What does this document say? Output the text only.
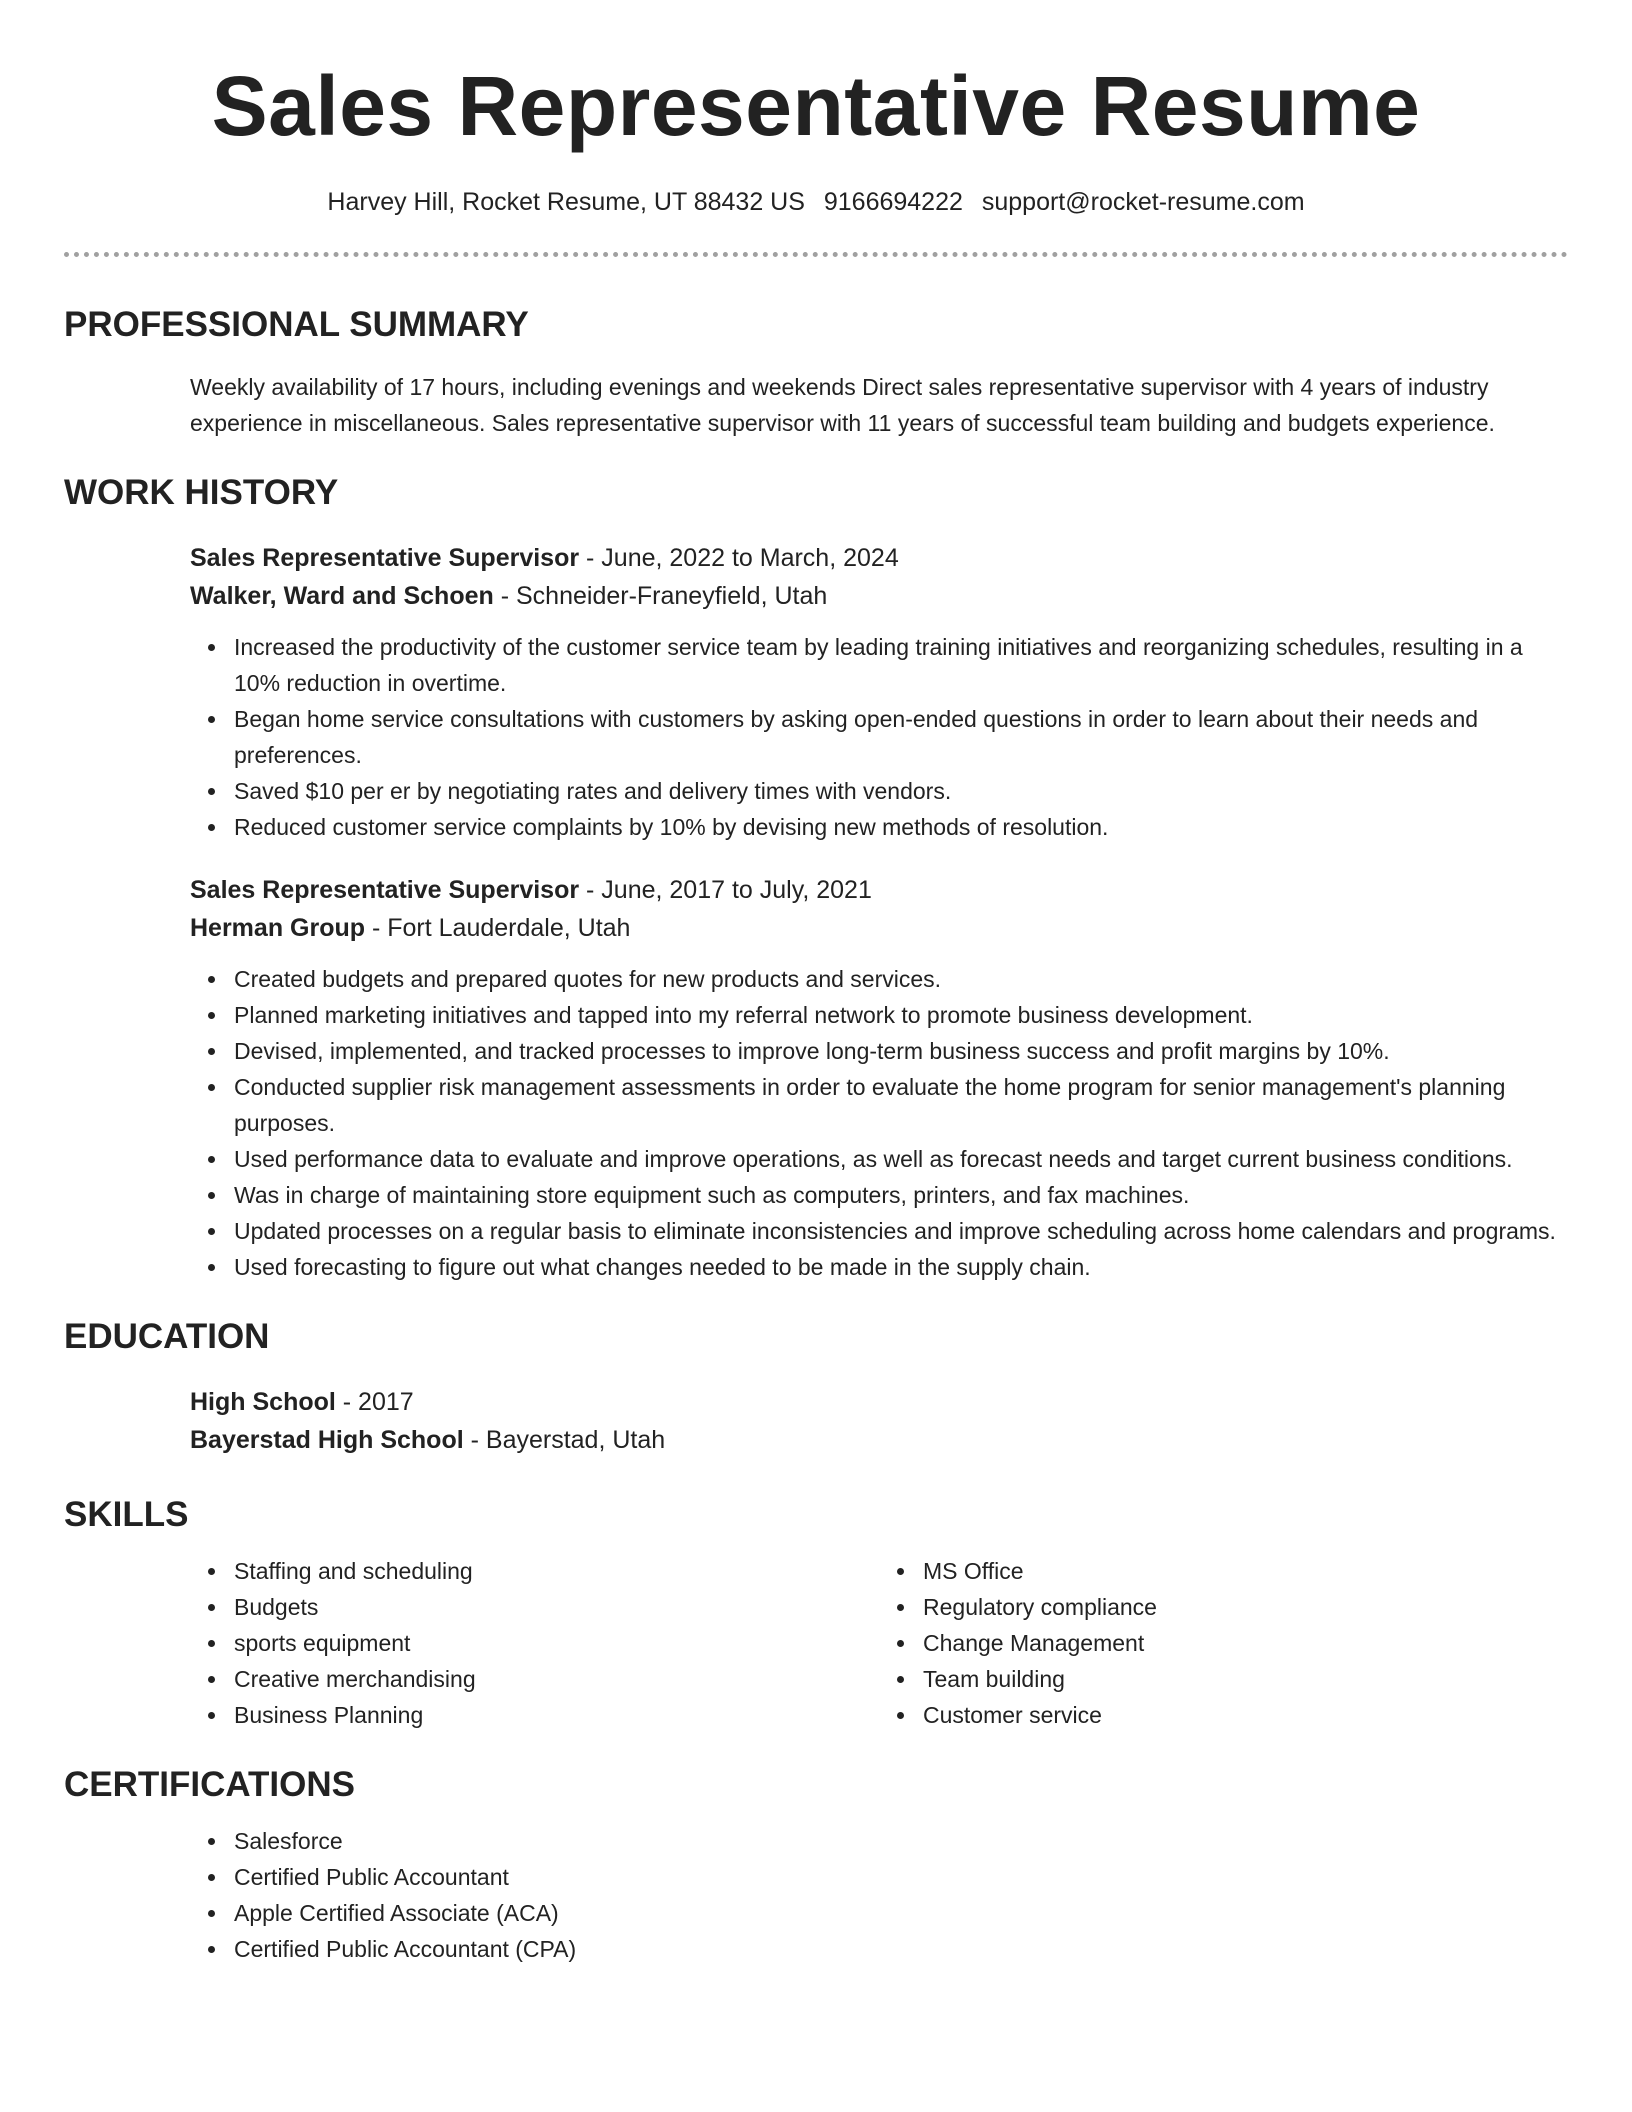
Sales Representative Resume
Harvey Hill, Rocket Resume, UT 88432 US 9166694222 support@rocket-resume.com
PROFESSIONAL SUMMARY

Weekly availability of 17 hours, including evenings and weekends Direct sales representative supervisor with 4 years of industry experience in miscellaneous. Sales representative supervisor with 11 years of successful team building and budgets experience.

WORK HISTORY
Sales Representative Supervisor - June, 2022 to March, 2024
Walker, Ward and Schoen - Schneider-Franeyfield, Utah
Increased the productivity of the customer service team by leading training initiatives and reorganizing schedules, resulting in a 10% reduction in overtime.
Began home service consultations with customers by asking open-ended questions in order to learn about their needs and preferences.
Saved $10 per er by negotiating rates and delivery times with vendors.
Reduced customer service complaints by 10% by devising new methods of resolution.
Sales Representative Supervisor - June, 2017 to July, 2021
Herman Group - Fort Lauderdale, Utah
Created budgets and prepared quotes for new products and services.
Planned marketing initiatives and tapped into my referral network to promote business development.
Devised, implemented, and tracked processes to improve long-term business success and profit margins by 10%.
Conducted supplier risk management assessments in order to evaluate the home program for senior management's planning purposes.
Used performance data to evaluate and improve operations, as well as forecast needs and target current business conditions.
Was in charge of maintaining store equipment such as computers, printers, and fax machines.
Updated processes on a regular basis to eliminate inconsistencies and improve scheduling across home calendars and programs.
Used forecasting to figure out what changes needed to be made in the supply chain.
EDUCATION
High School - 2017
Bayerstad High School - Bayerstad, Utah
SKILLS
Staffing and scheduling
Budgets
sports equipment
Creative merchandising
Business Planning
MS Office
Regulatory compliance
Change Management
Team building
Customer service
CERTIFICATIONS
Salesforce
Certified Public Accountant
Apple Certified Associate (ACA)
Certified Public Accountant (CPA)
